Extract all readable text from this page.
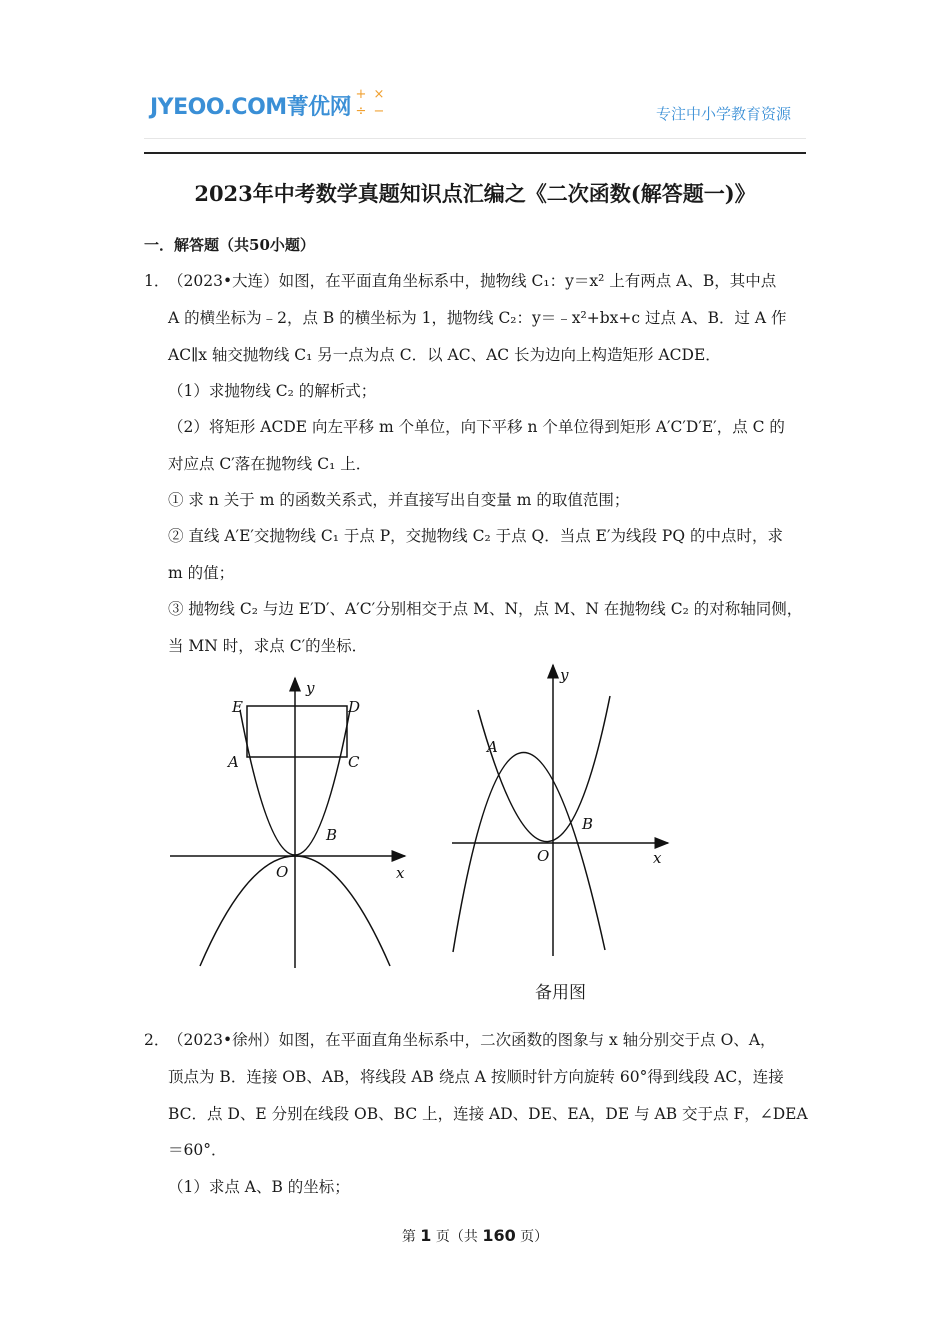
JYEOO.COM菁优网
+ ×
÷ −	专注中小学教育资源
2023年中考数学真题知识点汇编之《二次函数(解答题一)》
一．解答题（共50小题）
1．
（2023•大连）如图，在平面直角坐标系中，抛物线 C₁：y＝x² 上有两点 A、B，其中点
A 的横坐标为﹣2，点 B 的横坐标为 1，抛物线 C₂：y＝﹣x²+bx+c 过点 A、B．过 A 作
AC∥x 轴交抛物线 C₁ 另一点为点 C．以 AC、AC 长为边向上构造矩形 ACDE．
（1）求抛物线 C₂ 的解析式；
（2）将矩形 ACDE 向左平移 m 个单位，向下平移 n 个单位得到矩形 A′C′D′E′，点 C 的
对应点 C′落在抛物线 C₁ 上．
① 求 n 关于 m 的函数关系式，并直接写出自变量 m 的取值范围；
② 直线 A′E′交抛物线 C₁ 于点 P，交抛物线 C₂ 于点 Q．当点 E′为线段 PQ 的中点时，求
m 的值；
③ 抛物线 C₂ 与边 E′D′、A′C′分别相交于点 M、N，点 M、N 在抛物线 C₂ 的对称轴同侧，
当 MN 时，求点 C′的坐标．
E	D
A	C
B
O	x
y
A
B
O	x
y
备用图
2．
（2023•徐州）如图，在平面直角坐标系中，二次函数的图象与 x 轴分别交于点 O、A，
顶点为 B．连接 OB、AB，将线段 AB 绕点 A 按顺时针方向旋转 60°得到线段 AC，连接
BC．点 D、E 分别在线段 OB、BC 上，连接 AD、DE、EA，DE 与 AB 交于点 F，∠DEA
＝60°．
（1）求点 A、B 的坐标；
第 1 页（共 160 页）
